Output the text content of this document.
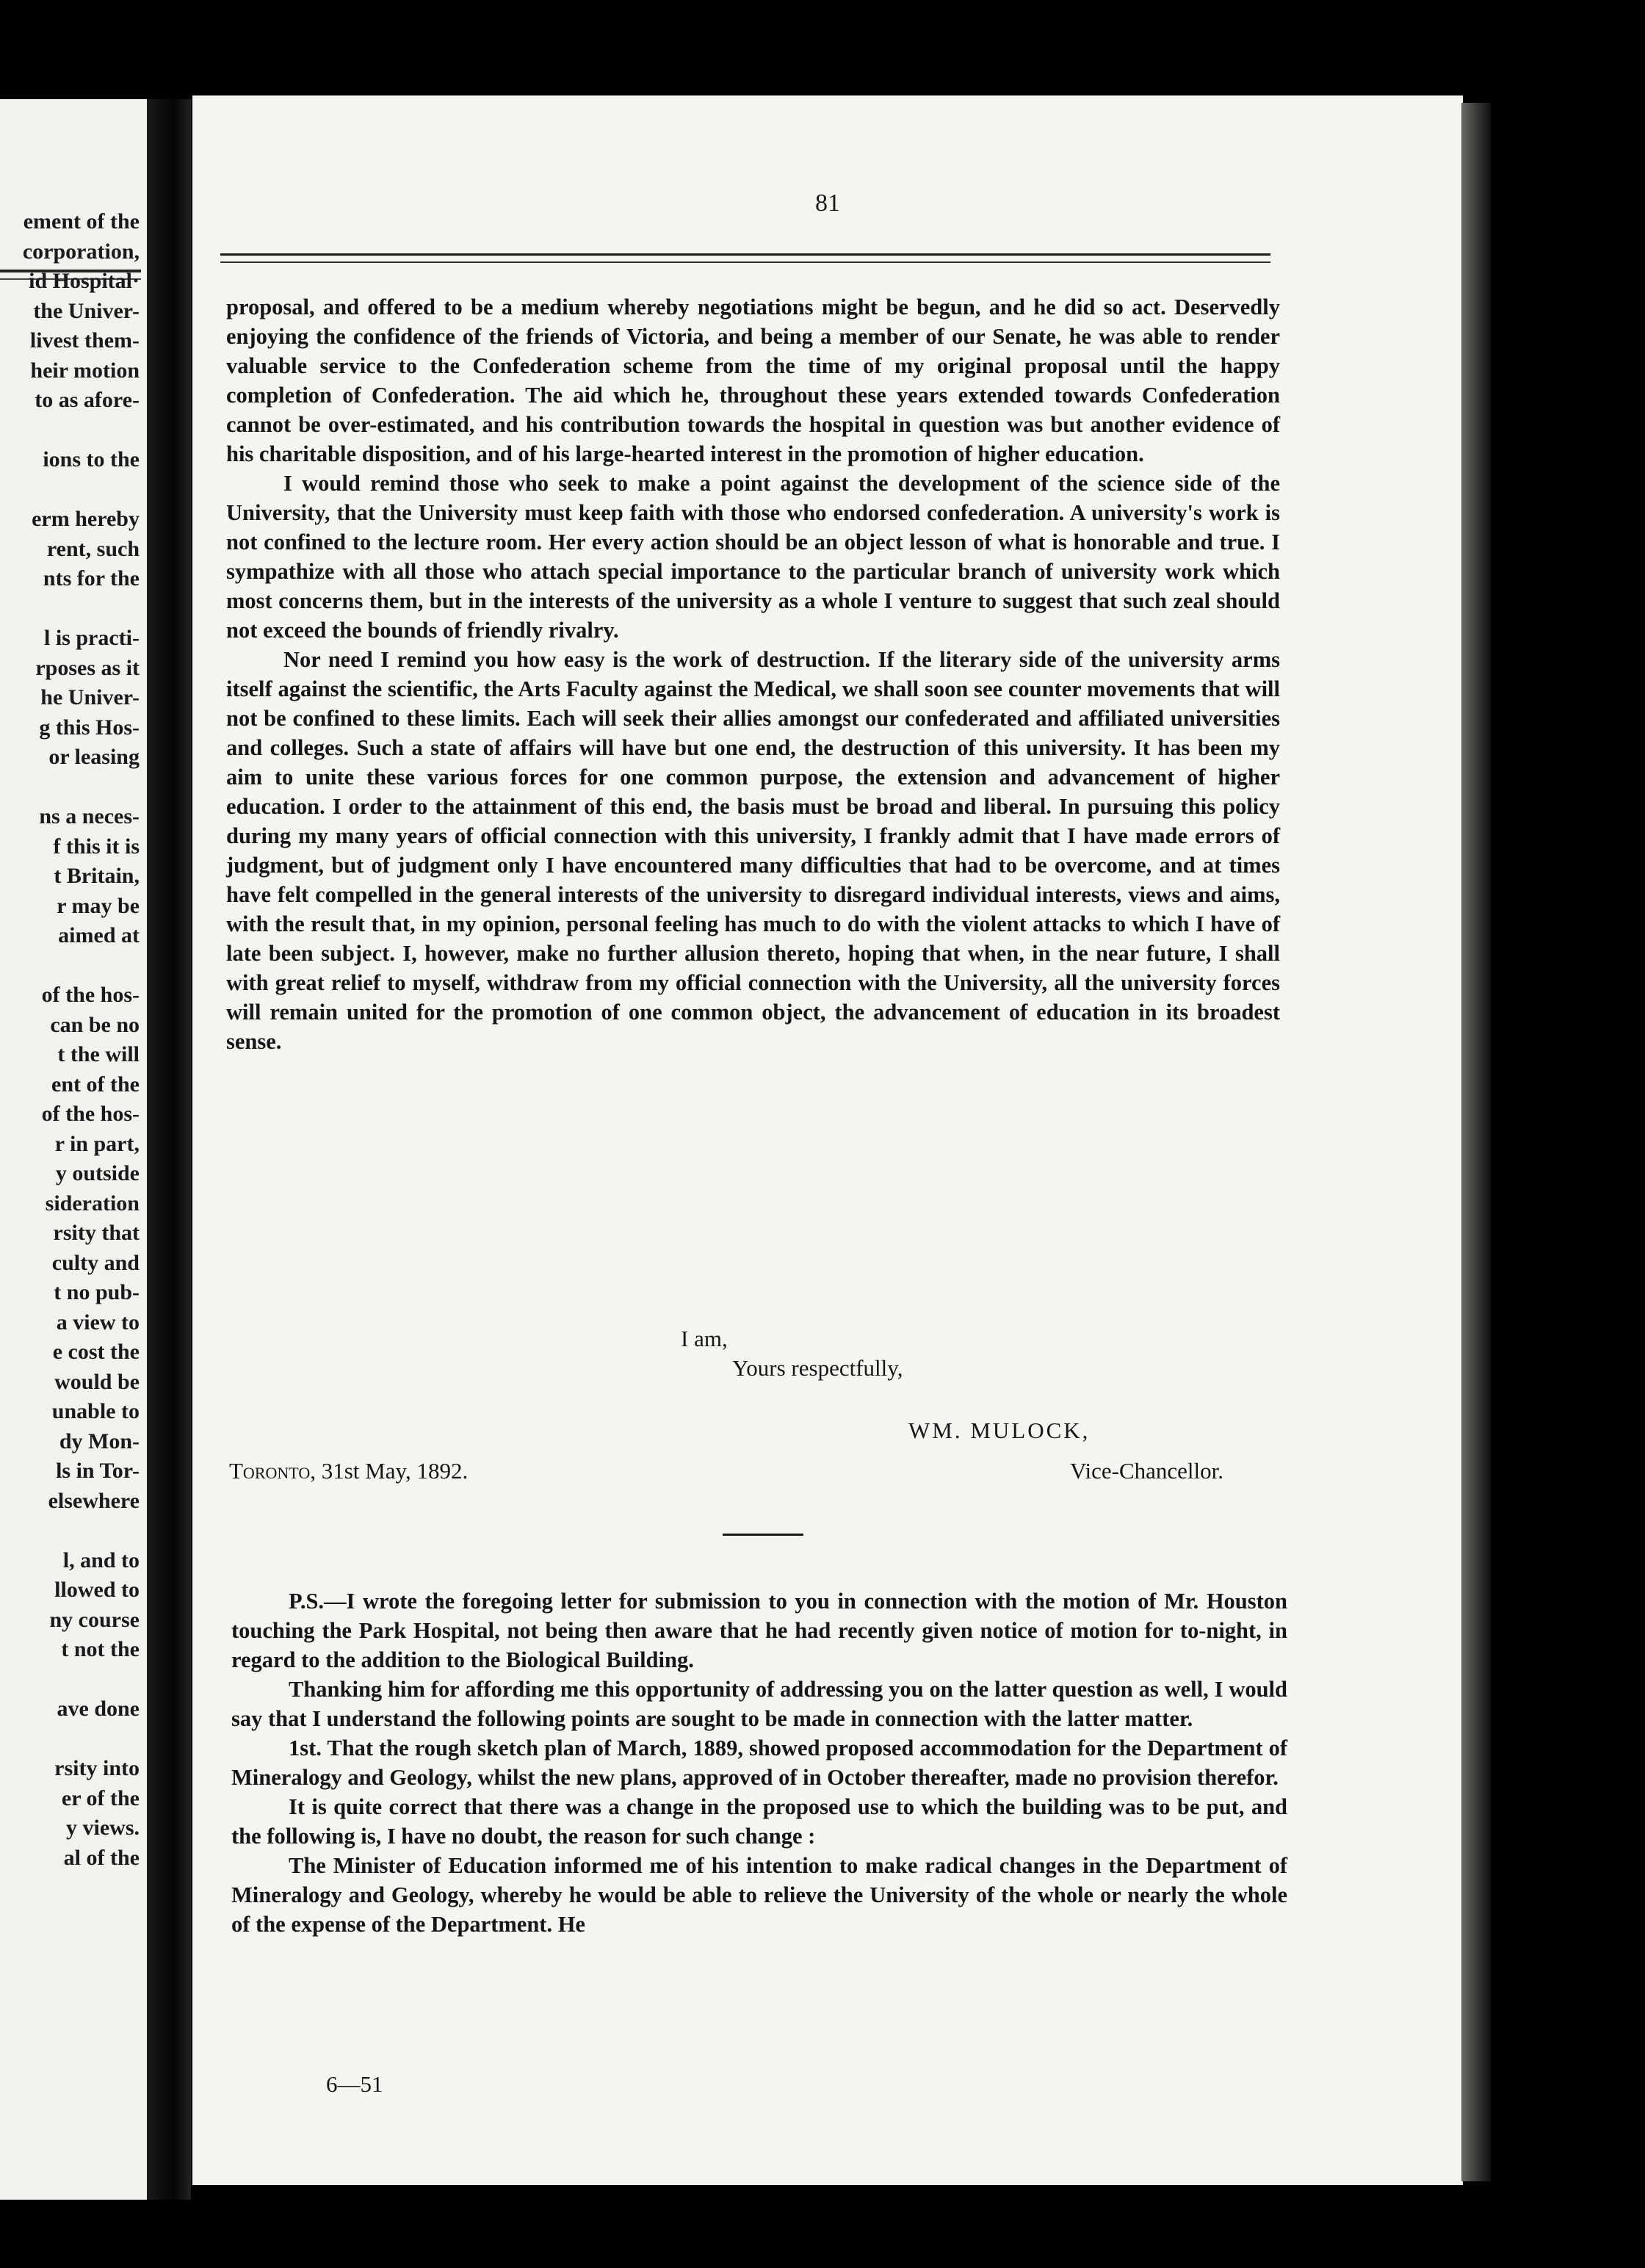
ement of the
corporation,
id Hospital·
the Univer-
livest them-
heir motion
to as afore-
ions to the
erm hereby
rent, such
nts for the
l is practi-
rposes as it
he Univer-
g this Hos-
or leasing
ns a neces-
f this it is
t Britain,
r may be
aimed at
of the hos-
can be no
t the will
ent of the
of the hos-
r in part,
y outside
sideration
rsity that
culty and
t no pub-
a view to
e cost the
would be
unable to
dy Mon-
ls in Tor-
elsewhere
l, and to
llowed to
ny course
t not the
ave done
rsity into
er of the
y views.
al of the
81

proposal, and offered to be a medium whereby negotiations might be begun, and he did so act. Deservedly enjoying the confidence of the friends of Victoria, and being a member of our Senate, he was able to render valuable service to the Confederation scheme from the time of my original proposal until the happy completion of Confederation. The aid which he, throughout these years extended towards Confederation cannot be over-estimated, and his contribution towards the hospital in question was but another evidence of his charitable disposition, and of his large-hearted interest in the promotion of higher education.

I would remind those who seek to make a point against the development of the science side of the University, that the University must keep faith with those who endorsed confederation. A university's work is not confined to the lecture room. Her every action should be an object lesson of what is honorable and true. I sympathize with all those who attach special importance to the particular branch of university work which most concerns them, but in the interests of the university as a whole I venture to suggest that such zeal should not exceed the bounds of friendly rivalry.

Nor need I remind you how easy is the work of destruction. If the literary side of the university arms itself against the scientific, the Arts Faculty against the Medical, we shall soon see counter movements that will not be confined to these limits. Each will seek their allies amongst our confederated and affiliated universities and colleges. Such a state of affairs will have but one end, the destruction of this university. It has been my aim to unite these various forces for one common purpose, the extension and advancement of higher education. I order to the attainment of this end, the basis must be broad and liberal. In pursuing this policy during my many years of official connection with this university, I frankly admit that I have made errors of judgment, but of judgment only I have encountered many difficulties that had to be overcome, and at times have felt compelled in the general interests of the university to disregard individual interests, views and aims, with the result that, in my opinion, personal feeling has much to do with the violent attacks to which I have of late been subject. I, however, make no further allusion thereto, hoping that when, in the near future, I shall with great relief to myself, withdraw from my official connection with the University, all the university forces will remain united for the promotion of one common object, the advancement of education in its broadest sense.

I am,
Yours respectfully,
WM. MULOCK,
Toronto, 31st May, 1892.	Vice-Chancellor.

P.S.—I wrote the foregoing letter for submission to you in connection with the motion of Mr. Houston touching the Park Hospital, not being then aware that he had recently given notice of motion for to-night, in regard to the addition to the Biological Building.

Thanking him for affording me this opportunity of addressing you on the latter question as well, I would say that I understand the following points are sought to be made in connection with the latter matter.

1st. That the rough sketch plan of March, 1889, showed proposed accommodation for the Department of Mineralogy and Geology, whilst the new plans, approved of in October thereafter, made no provision therefor.

It is quite correct that there was a change in the proposed use to which the building was to be put, and the following is, I have no doubt, the reason for such change :

The Minister of Education informed me of his intention to make radical changes in the Department of Mineralogy and Geology, whereby he would be able to relieve the University of the whole or nearly the whole of the expense of the Department. He

6—51
